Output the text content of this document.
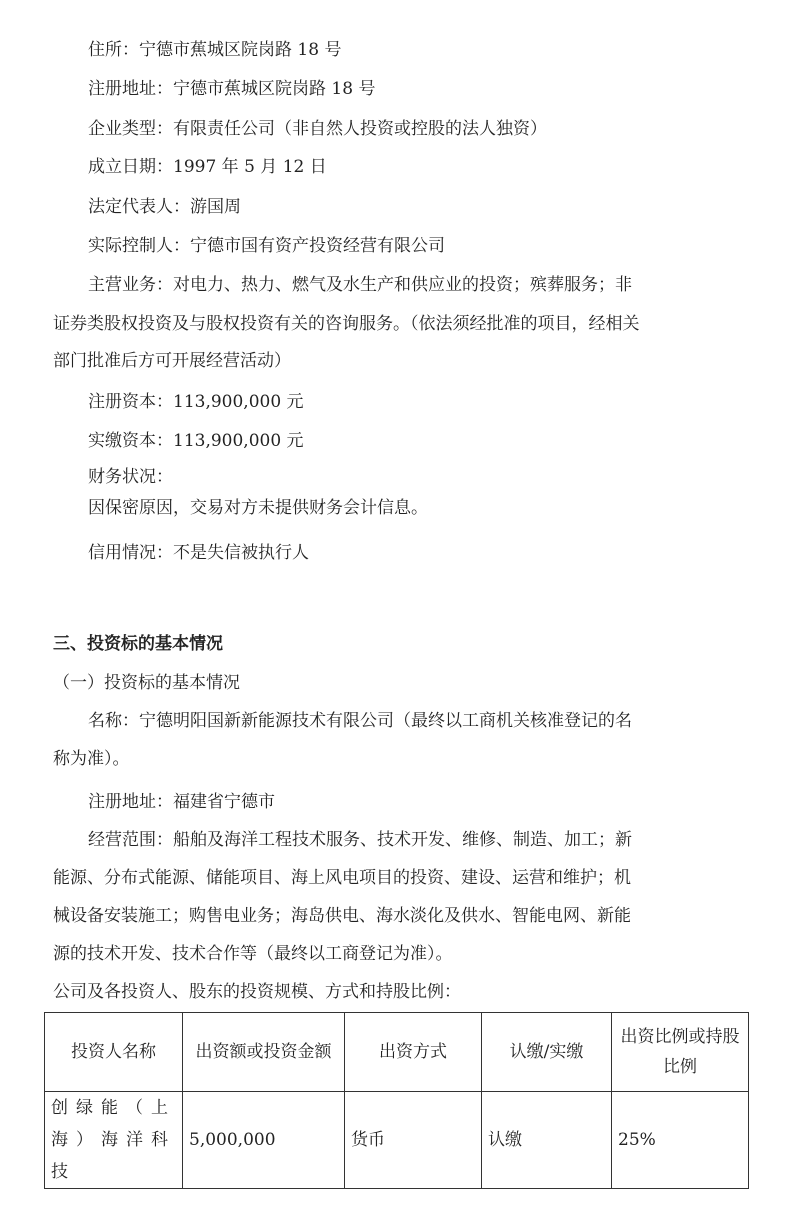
住所：宁德市蕉城区院岗路 18 号
注册地址：宁德市蕉城区院岗路 18 号
企业类型：有限责任公司（非自然人投资或控股的法人独资）
成立日期：1997 年 5 月 12 日
法定代表人：游国周
实际控制人：宁德市国有资产投资经营有限公司
主营业务：对电力、热力、燃气及水生产和供应业的投资；殡葬服务；非
证券类股权投资及与股权投资有关的咨询服务。（依法须经批准的项目，经相关
部门批准后方可开展经营活动）
注册资本：113,900,000 元
实缴资本：113,900,000 元
财务状况：
因保密原因，交易对方未提供财务会计信息。
信用情况：不是失信被执行人
三、投资标的基本情况
（一）投资标的基本情况
名称：宁德明阳国新新能源技术有限公司（最终以工商机关核准登记的名
称为准）。
注册地址：福建省宁德市
经营范围：船舶及海洋工程技术服务、技术开发、维修、制造、加工；新
能源、分布式能源、储能项目、海上风电项目的投资、建设、运营和维护；机
械设备安装施工；购售电业务；海岛供电、海水淡化及供水、智能电网、新能
源的技术开发、技术合作等（最终以工商登记为准）。
公司及各投资人、股东的投资规模、方式和持股比例：
投资人名称	出资额或投资金额	出资方式	认缴/实缴	出资比例或持股比例
创绿能（上海）海洋科技	5,000,000	货币	认缴	25%
